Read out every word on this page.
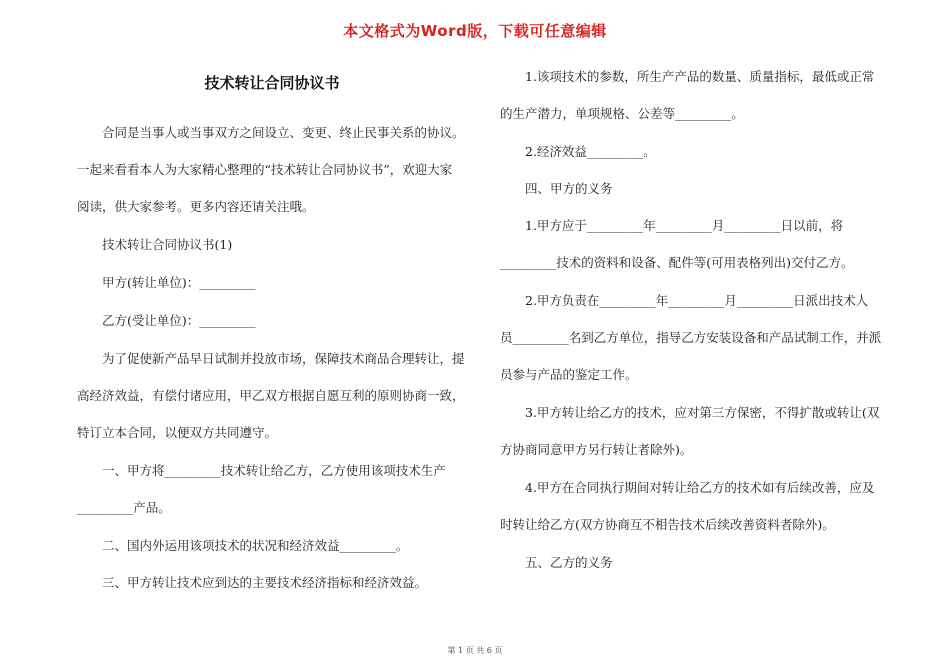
本文格式为Word版，下载可任意编辑
技术转让合同协议书
合同是当事人或当事双方之间设立、变更、终止民事关系的协议。
一起来看看本人为大家精心整理的“技术转让合同协议书”，欢迎大家
阅读，供大家参考。更多内容还请关注哦。
技术转让合同协议书(1)
甲方(转让单位)：_________
乙方(受让单位)：_________
为了促使新产品早日试制并投放市场，保障技术商品合理转让，提
高经济效益，有偿付诸应用，甲乙双方根据自愿互利的原则协商一致，
特订立本合同，以便双方共同遵守。
一、甲方将_________技术转让给乙方，乙方使用该项技术生产
_________产品。
二、国内外运用该项技术的状况和经济效益_________。
三、甲方转让技术应到达的主要技术经济指标和经济效益。
1.该项技术的参数，所生产产品的数量、质量指标，最低或正常
的生产潜力，单项规格、公差等_________。
2.经济效益_________。
四、甲方的义务
1.甲方应于_________年_________月_________日以前，将
_________技术的资料和设备、配件等(可用表格列出)交付乙方。
2.甲方负责在_________年_________月_________日派出技术人
员_________名到乙方单位，指导乙方安装设备和产品试制工作，并派
员参与产品的鉴定工作。
3.甲方转让给乙方的技术，应对第三方保密，不得扩散或转让(双
方协商同意甲方另行转让者除外)。
4.甲方在合同执行期间对转让给乙方的技术如有后续改善，应及
时转让给乙方(双方协商互不相告技术后续改善资料者除外)。
五、乙方的义务
第 1 页 共 6 页
